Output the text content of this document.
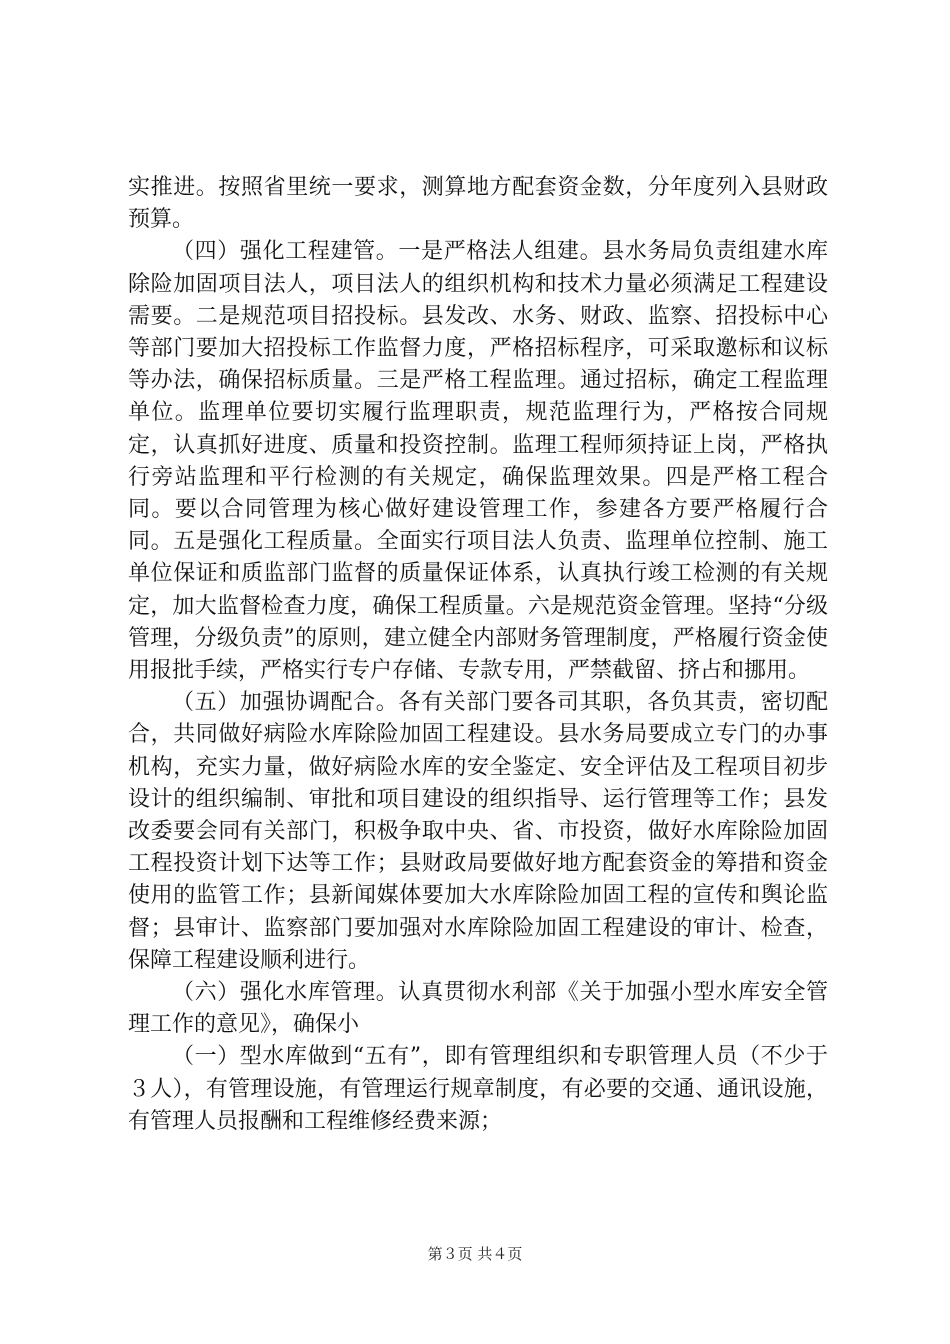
实推进。按照省里统一要求，测算地方配套资金数，分年度列入县财政预算。

（四）强化工程建管。一是严格法人组建。县水务局负责组建水库除险加固项目法人，项目法人的组织机构和技术力量必须满足工程建设需要。二是规范项目招投标。县发改、水务、财政、监察、招投标中心等部门要加大招投标工作监督力度，严格招标程序，可采取邀标和议标等办法，确保招标质量。三是严格工程监理。通过招标，确定工程监理单位。监理单位要切实履行监理职责，规范监理行为，严格按合同规定，认真抓好进度、质量和投资控制。监理工程师须持证上岗，严格执行旁站监理和平行检测的有关规定，确保监理效果。四是严格工程合同。要以合同管理为核心做好建设管理工作，参建各方要严格履行合同。五是强化工程质量。全面实行项目法人负责、监理单位控制、施工单位保证和质监部门监督的质量保证体系，认真执行竣工检测的有关规定，加大监督检查力度，确保工程质量。六是规范资金管理。坚持“分级管理，分级负责”的原则，建立健全内部财务管理制度，严格履行资金使用报批手续，严格实行专户存储、专款专用，严禁截留、挤占和挪用。

（五）加强协调配合。各有关部门要各司其职，各负其责，密切配合，共同做好病险水库除险加固工程建设。县水务局要成立专门的办事机构，充实力量，做好病险水库的安全鉴定、安全评估及工程项目初步设计的组织编制、审批和项目建设的组织指导、运行管理等工作；县发改委要会同有关部门，积极争取中央、省、市投资，做好水库除险加固工程投资计划下达等工作；县财政局要做好地方配套资金的筹措和资金使用的监管工作；县新闻媒体要加大水库除险加固工程的宣传和舆论监督；县审计、监察部门要加强对水库除险加固工程建设的审计、检查，保障工程建设顺利进行。

（六）强化水库管理。认真贯彻水利部《关于加强小型水库安全管理工作的意见》，确保小

（一）型水库做到“五有”，即有管理组织和专职管理人员（不少于３人），有管理设施，有管理运行规章制度，有必要的交通、通讯设施，有管理人员报酬和工程维修经费来源；

第３页 共４页
